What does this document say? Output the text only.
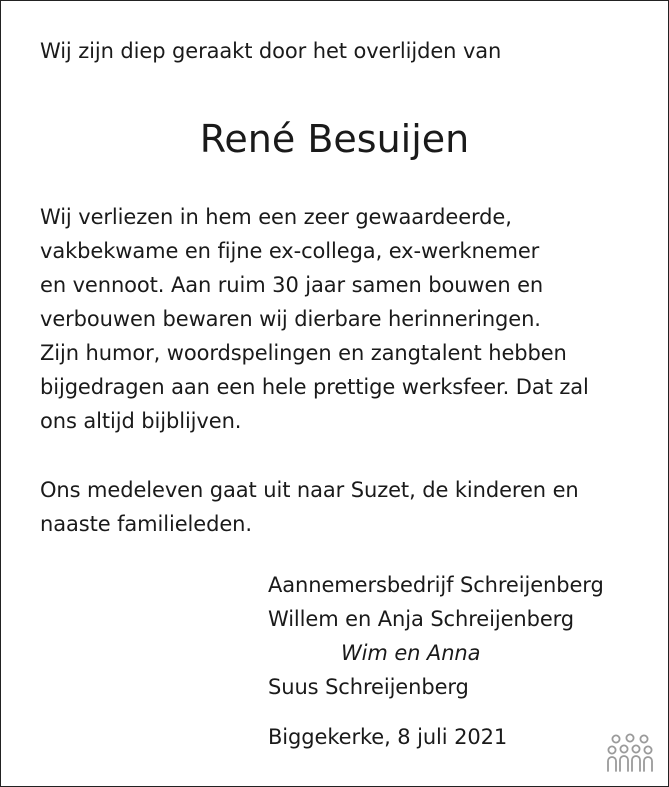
Wij zijn diep geraakt door het overlijden van
René Besuijen
Wij verliezen in hem een zeer gewaardeerde,
vakbekwame en fijne ex-collega, ex-werknemer
en vennoot. Aan ruim 30 jaar samen bouwen en
verbouwen bewaren wij dierbare herinneringen.
Zijn humor, woordspelingen en zangtalent hebben
bijgedragen aan een hele prettige werksfeer. Dat zal
ons altijd bijblijven.
Ons medeleven gaat uit naar Suzet, de kinderen en
naaste familieleden.
Aannemersbedrijf Schreijenberg
Willem en Anja Schreijenberg
Wim en Anna
Suus Schreijenberg
Biggekerke, 8 juli 2021
